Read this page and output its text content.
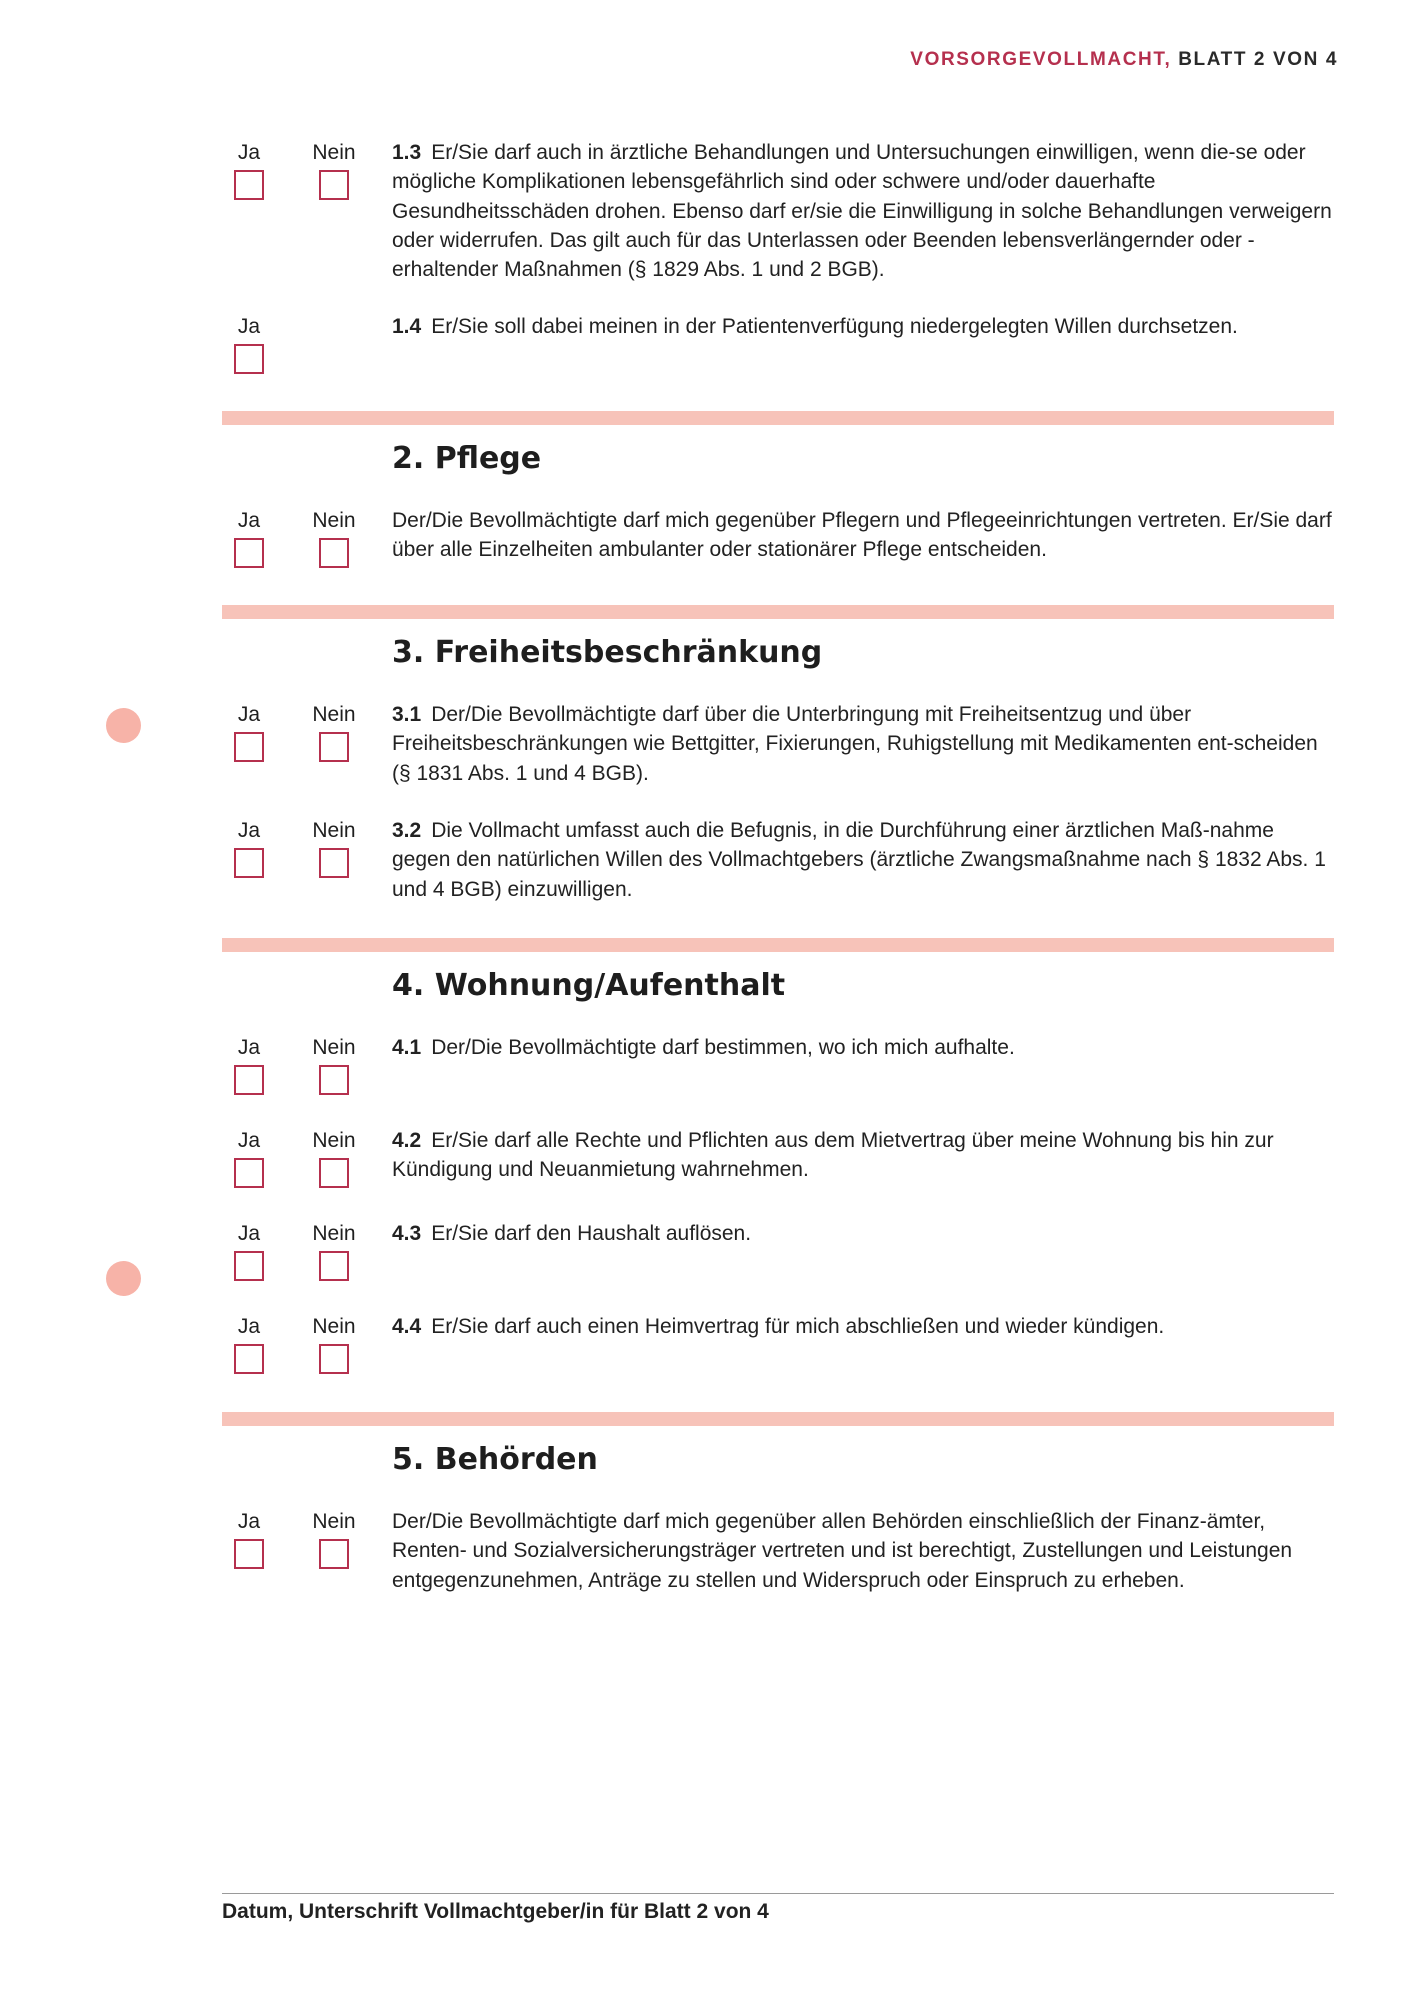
VORSORGEVOLLMACHT, BLATT 2 VON 4
Ja	Nein 1.3 Er/Sie darf auch in ärztliche Behandlungen und Untersuchungen einwilligen, wenn die-se oder mögliche Komplikationen lebensgefährlich sind oder schwere und/oder dauerhafte Gesundheitsschäden drohen. Ebenso darf er/sie die Einwilligung in solche Behandlungen verweigern oder widerrufen. Das gilt auch für das Unterlassen oder Beenden lebensverlängernder oder -erhaltender Maßnahmen (§ 1829 Abs. 1 und 2 BGB).
Ja	1.4 Er/Sie soll dabei meinen in der Patientenverfügung niedergelegten Willen durchsetzen.
2. Pflege
Ja	Nein Der/Die Bevollmächtigte darf mich gegenüber Pflegern und Pflegeeinrichtungen vertreten. Er/Sie darf über alle Einzelheiten ambulanter oder stationärer Pflege entscheiden.
3. Freiheitsbeschränkung
Ja	Nein 3.1 Der/Die Bevollmächtigte darf über die Unterbringung mit Freiheitsentzug und über Freiheitsbeschränkungen wie Bettgitter, Fixierungen, Ruhigstellung mit Medikamenten ent-scheiden (§ 1831 Abs. 1 und 4 BGB).
Ja	Nein 3.2 Die Vollmacht umfasst auch die Befugnis, in die Durchführung einer ärztlichen Maß-nahme gegen den natürlichen Willen des Vollmachtgebers (ärztliche Zwangsmaßnahme nach § 1832 Abs. 1 und 4 BGB) einzuwilligen.
4. Wohnung/Aufenthalt
Ja	Nein 4.1 Der/Die Bevollmächtigte darf bestimmen, wo ich mich aufhalte.
Ja	Nein 4.2 Er/Sie darf alle Rechte und Pflichten aus dem Mietvertrag über meine Wohnung bis hin zur Kündigung und Neuanmietung wahrnehmen.
Ja	Nein 4.3 Er/Sie darf den Haushalt auflösen.
Ja	Nein 4.4 Er/Sie darf auch einen Heimvertrag für mich abschließen und wieder kündigen.
5. Behörden
Ja	Nein Der/Die Bevollmächtigte darf mich gegenüber allen Behörden einschließlich der Finanz-ämter, Renten- und Sozialversicherungsträger vertreten und ist berechtigt, Zustellungen und Leistungen entgegenzunehmen, Anträge zu stellen und Widerspruch oder Einspruch zu erheben.
Datum, Unterschrift Vollmachtgeber/in für Blatt 2 von 4
